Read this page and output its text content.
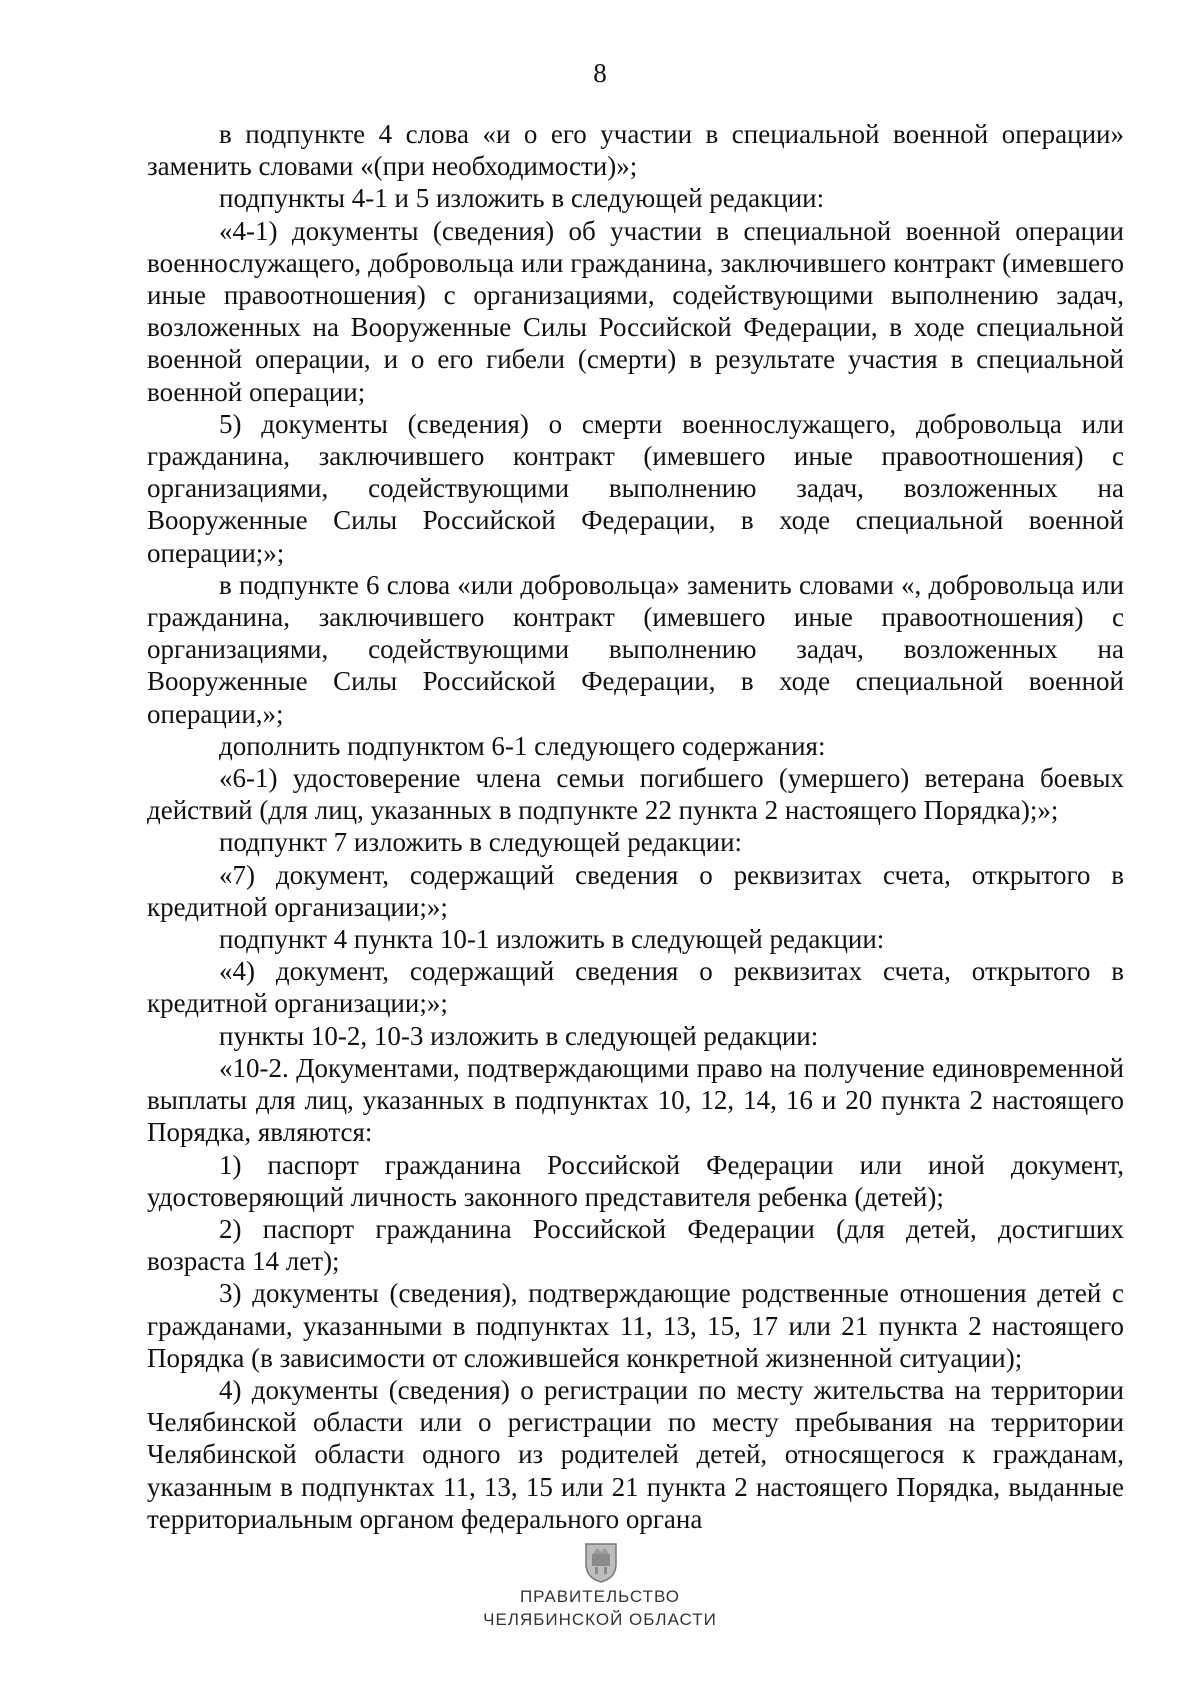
8

в подпункте 4 слова «и о его участии в специальной военной операции» заменить словами «(при необходимости)»;

подпункты 4-1 и 5 изложить в следующей редакции:

«4-1) документы (сведения) об участии в специальной военной операции военнослужащего, добровольца или гражданина, заключившего контракт (имевшего иные правоотношения) с организациями, содействующими выполнению задач, возложенных на Вооруженные Силы Российской Федерации, в ходе специальной военной операции, и о его гибели (смерти) в результате участия в специальной военной операции;

5) документы (сведения) о смерти военнослужащего, добровольца или гражданина, заключившего контракт (имевшего иные правоотношения) с организациями, содействующими выполнению задач, возложенных на Вооруженные Силы Российской Федерации, в ходе специальной военной операции;»;

в подпункте 6 слова «или добровольца» заменить словами «, добровольца или гражданина, заключившего контракт (имевшего иные правоотношения) с организациями, содействующими выполнению задач, возложенных на Вооруженные Силы Российской Федерации, в ходе специальной военной операции,»;

дополнить подпунктом 6-1 следующего содержания:

«6-1) удостоверение члена семьи погибшего (умершего) ветерана боевых действий (для лиц, указанных в подпункте 22 пункта 2 настоящего Порядка);»;

подпункт 7 изложить в следующей редакции:

«7) документ, содержащий сведения о реквизитах счета, открытого в кредитной организации;»;

подпункт 4 пункта 10-1 изложить в следующей редакции:

«4) документ, содержащий сведения о реквизитах счета, открытого в кредитной организации;»;

пункты 10-2, 10-3 изложить в следующей редакции:

«10-2. Документами, подтверждающими право на получение единовременной выплаты для лиц, указанных в подпунктах 10, 12, 14, 16 и 20 пункта 2 настоящего Порядка, являются:

1) паспорт гражданина Российской Федерации или иной документ, удостоверяющий личность законного представителя ребенка (детей);

2) паспорт гражданина Российской Федерации (для детей, достигших возраста 14 лет);

3) документы (сведения), подтверждающие родственные отношения детей с гражданами, указанными в подпунктах 11, 13, 15, 17 или 21 пункта 2 настоящего Порядка (в зависимости от сложившейся конкретной жизненной ситуации);

4) документы (сведения) о регистрации по месту жительства на территории Челябинской области или о регистрации по месту пребывания на территории Челябинской области одного из родителей детей, относящегося к гражданам, указанным в подпунктах 11, 13, 15 или 21 пункта 2 настоящего Порядка, выданные территориальным органом федерального органа

ПРАВИТЕЛЬСТВО
ЧЕЛЯБИНСКОЙ ОБЛАСТИ
